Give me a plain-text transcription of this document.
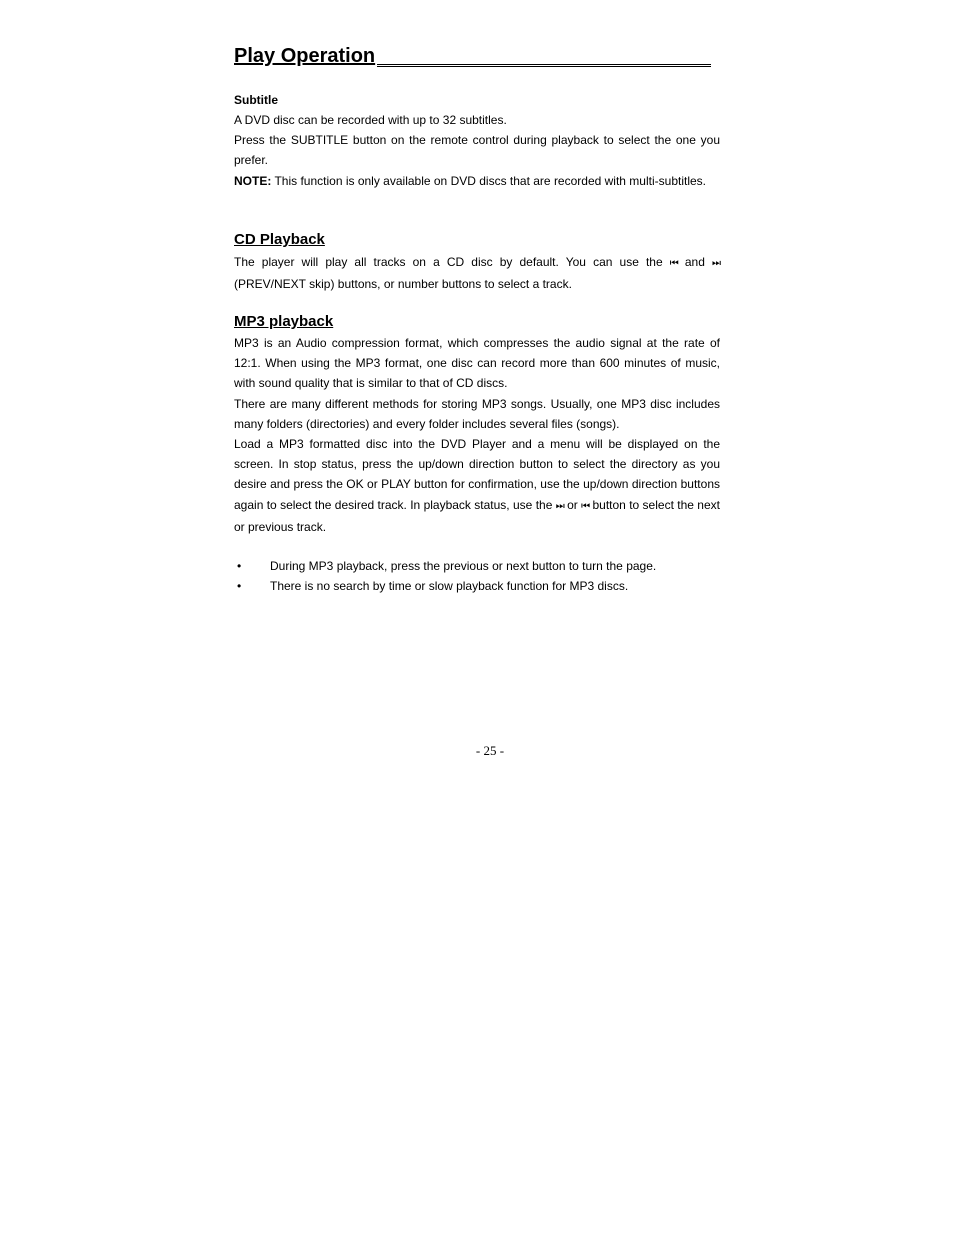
Play Operation
Subtitle

A DVD disc can be recorded with up to 32 subtitles.

Press the SUBTITLE button on the remote control during playback to select the one you prefer.

NOTE: This function is only available on DVD discs that are recorded with multi-subtitles.

CD Playback

The player will play all tracks on a CD disc by default. You can use the ⏮ and ⏭ (PREV/NEXT skip) buttons, or number buttons to select a track.

MP3 playback

MP3 is an Audio compression format, which compresses the audio signal at the rate of 12:1. When using the MP3 format, one disc can record more than 600 minutes of music, with sound quality that is similar to that of CD discs.

There are many different methods for storing MP3 songs. Usually, one MP3 disc includes many folders (directories) and every folder includes several files (songs).

Load a MP3 formatted disc into the DVD Player and a menu will be displayed on the screen. In stop status, press the up/down direction button to select the directory as you desire and press the OK or PLAY button for confirmation, use the up/down direction buttons again to select the desired track. In playback status, use the ⏭ or ⏮ button to select the next or previous track.

• During MP3 playback, press the previous or next button to turn the page.
• There is no search by time or slow playback function for MP3 discs.
- 25 -
